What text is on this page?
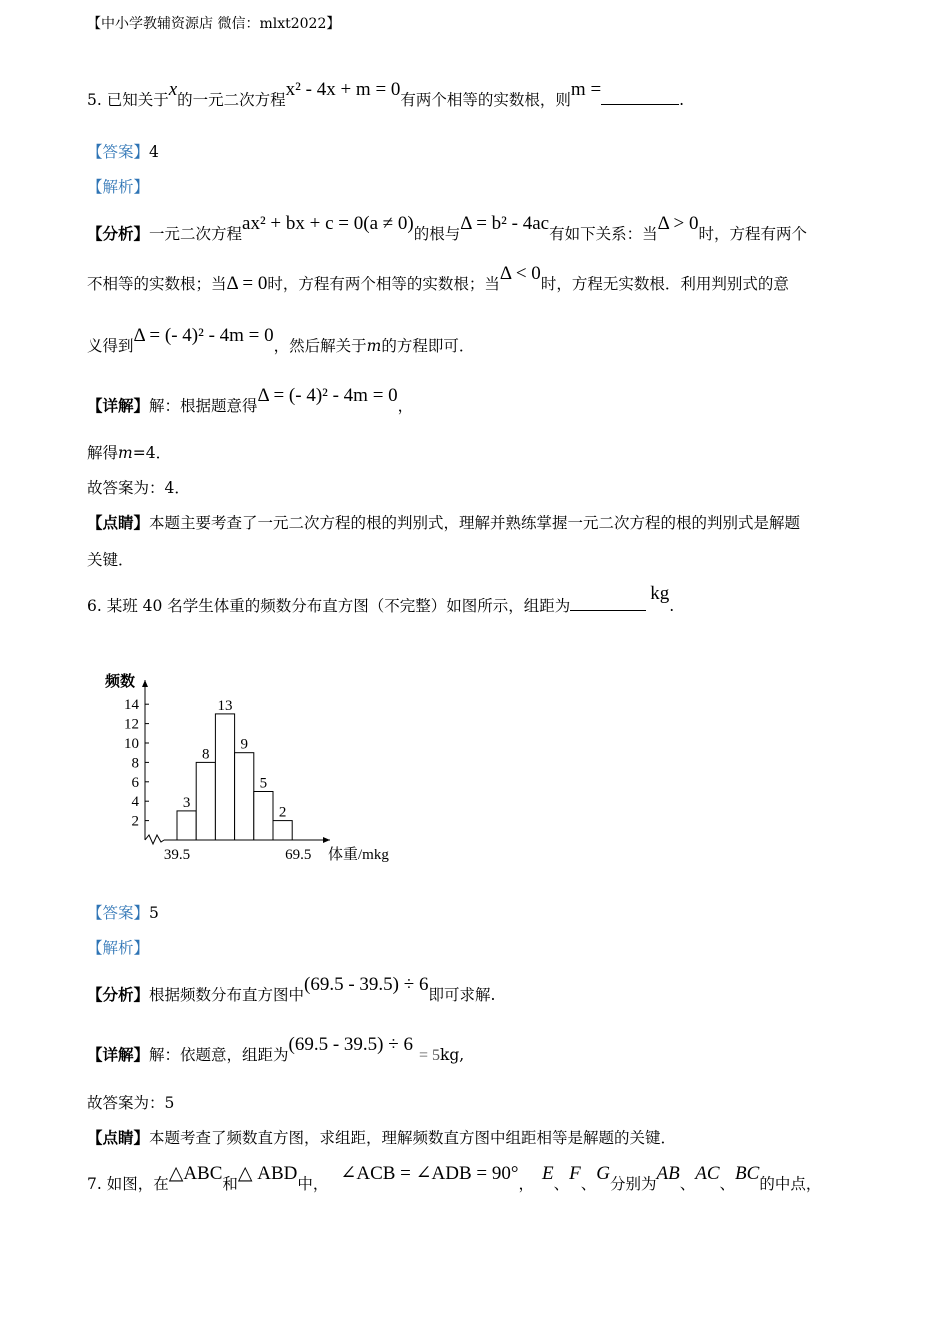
【中小学教辅资源店 微信：mlxt2022】
5. 已知关于x的一元二次方程x² - 4x + m = 0有两个相等的实数根，则m =	.
【答案】4
【解析】
【分析】一元二次方程ax² + bx + c = 0(a ≠ 0)的根与Δ = b² - 4ac有如下关系：当Δ > 0时，方程有两个
不相等的实数根；当Δ = 0时，方程有两个相等的实数根；当Δ < 0时，方程无实数根．利用判别式的意
义得到Δ = (- 4)² - 4m = 0，然后解关于m的方程即可．
【详解】解：根据题意得Δ = (- 4)² - 4m = 0，
解得m=4．
故答案为：4．
【点睛】本题主要考查了一元二次方程的根的判别式，理解并熟练掌握一元二次方程的根的判别式是解题
关键．
6. 某班 40 名学生体重的频数分布直方图（不完整）如图所示，组距为kg.
2
4
6
8
10
12
14
频数
体重/mkg
3
8
13
9
5
2
39.5	69.5
【答案】5
【解析】
【分析】根据频数分布直方图中(69.5 - 39.5) ÷ 6即可求解.
【详解】解：依题意，组距为(69.5 - 39.5) ÷ 6= 5kg,
故答案为：5
【点睛】本题考查了频数直方图，求组距，理解频数直方图中组距相等是解题的关键．
7. 如图，在△ABC和△ ABD中， ∠ACB = ∠ADB = 90°， E、F、G分别为AB、AC、BC的中点，
